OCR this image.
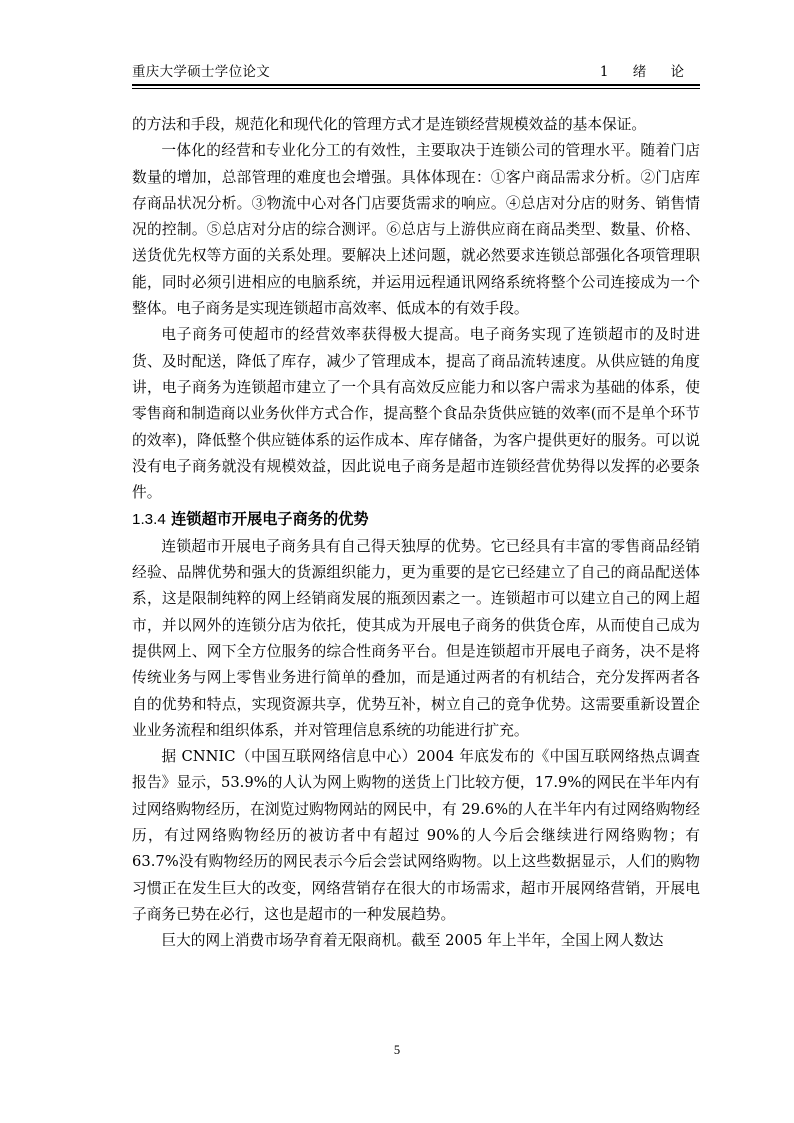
重庆大学硕士学位论文	1 绪 论

的方法和手段，规范化和现代化的管理方式才是连锁经营规模效益的基本保证。

一体化的经营和专业化分工的有效性，主要取决于连锁公司的管理水平。随着门店数量的增加，总部管理的难度也会增强。具体体现在：①客户商品需求分析。②门店库存商品状况分析。③物流中心对各门店要货需求的响应。④总店对分店的财务、销售情况的控制。⑤总店对分店的综合测评。⑥总店与上游供应商在商品类型、数量、价格、送货优先权等方面的关系处理。要解决上述问题，就必然要求连锁总部强化各项管理职能，同时必须引进相应的电脑系统，并运用远程通讯网络系统将整个公司连接成为一个整体。电子商务是实现连锁超市高效率、低成本的有效手段。

电子商务可使超市的经营效率获得极大提高。电子商务实现了连锁超市的及时进货、及时配送，降低了库存，减少了管理成本，提高了商品流转速度。从供应链的角度讲，电子商务为连锁超市建立了一个具有高效反应能力和以客户需求为基础的体系，使零售商和制造商以业务伙伴方式合作，提高整个食品杂货供应链的效率(而不是单个环节的效率)，降低整个供应链体系的运作成本、库存储备，为客户提供更好的服务。可以说没有电子商务就没有规模效益，因此说电子商务是超市连锁经营优势得以发挥的必要条件。

1.3.4 连锁超市开展电子商务的优势

连锁超市开展电子商务具有自己得天独厚的优势。它已经具有丰富的零售商品经销经验、品牌优势和强大的货源组织能力，更为重要的是它已经建立了自己的商品配送体系，这是限制纯粹的网上经销商发展的瓶颈因素之一。连锁超市可以建立自己的网上超市，并以网外的连锁分店为依托，使其成为开展电子商务的供货仓库，从而使自己成为提供网上、网下全方位服务的综合性商务平台。但是连锁超市开展电子商务，决不是将传统业务与网上零售业务进行简单的叠加，而是通过两者的有机结合，充分发挥两者各自的优势和特点，实现资源共享，优势互补，树立自己的竟争优势。这需要重新设置企业业务流程和组织体系，并对管理信息系统的功能进行扩充。

据 CNNIC（中国互联网络信息中心）2004 年底发布的《中国互联网络热点调查报告》显示，53.9%的人认为网上购物的送货上门比较方便，17.9%的网民在半年内有过网络购物经历，在浏览过购物网站的网民中，有 29.6%的人在半年内有过网络购物经历，有过网络购物经历的被访者中有超过 90%的人今后会继续进行网络购物；有 63.7%没有购物经历的网民表示今后会尝试网络购物。以上这些数据显示，人们的购物习惯正在发生巨大的改变，网络营销存在很大的市场需求，超市开展网络营销，开展电子商务已势在必行，这也是超市的一种发展趋势。

巨大的网上消费市场孕育着无限商机。截至 2005 年上半年，全国上网人数达

5
